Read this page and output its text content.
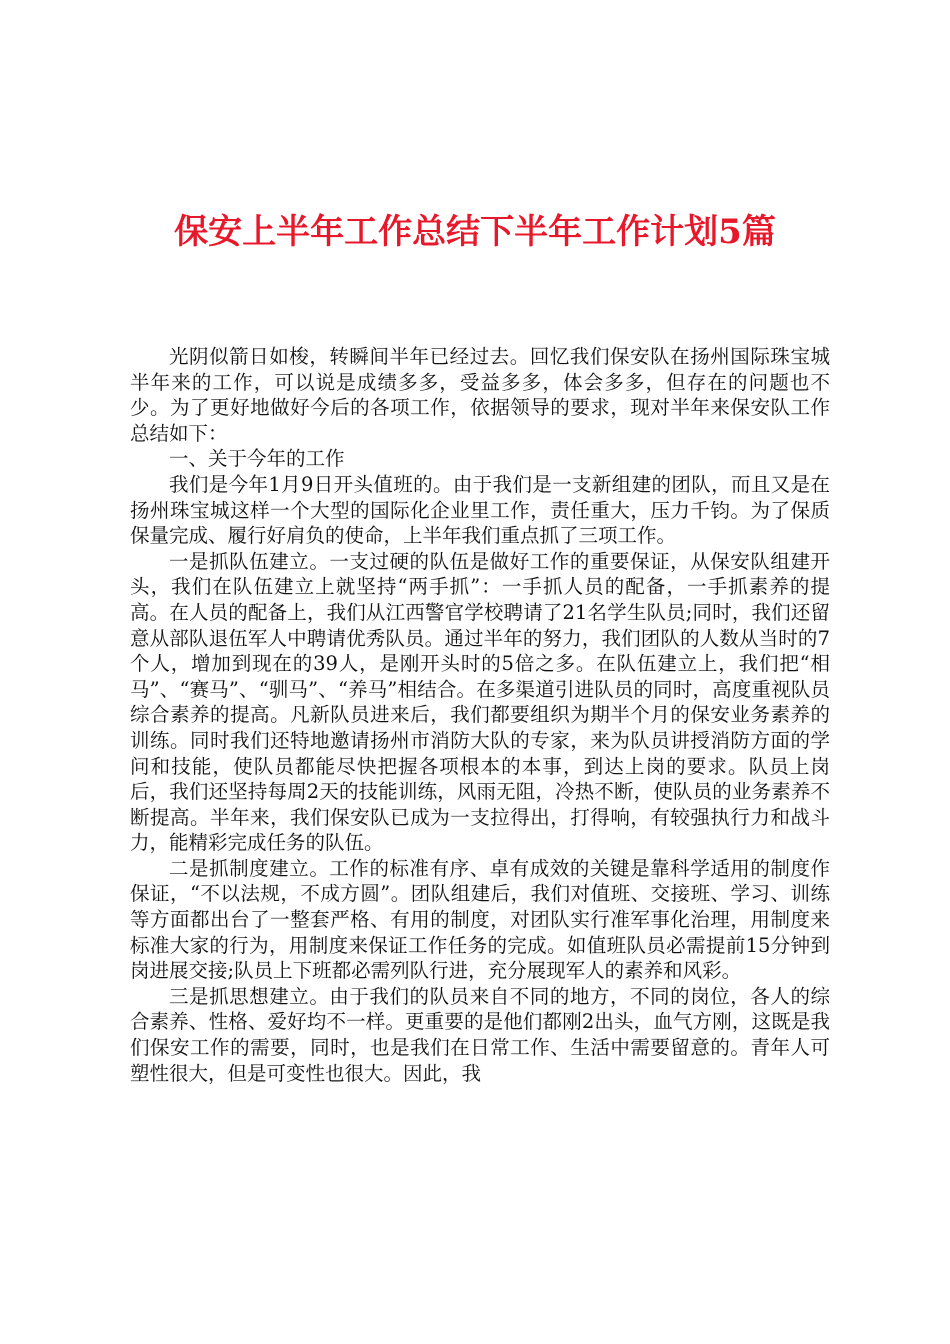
保安上半年工作总结下半年工作计划5篇

光阴似箭日如梭，转瞬间半年已经过去。回忆我们保安队在扬州国际珠宝城半年来的工作，可以说是成绩多多，受益多多，体会多多，但存在的问题也不少。为了更好地做好今后的各项工作，依据领导的要求，现对半年来保安队工作总结如下：

一、关于今年的工作

我们是今年1月9日开头值班的。由于我们是一支新组建的团队，而且又是在扬州珠宝城这样一个大型的国际化企业里工作，责任重大，压力千钧。为了保质保量完成、履行好肩负的使命，上半年我们重点抓了三项工作。

一是抓队伍建立。一支过硬的队伍是做好工作的重要保证，从保安队组建开头，我们在队伍建立上就坚持“两手抓”：一手抓人员的配备，一手抓素养的提高。在人员的配备上，我们从江西警官学校聘请了21名学生队员;同时，我们还留意从部队退伍军人中聘请优秀队员。通过半年的努力，我们团队的人数从当时的7个人，增加到现在的39人，是刚开头时的5倍之多。在队伍建立上，我们把“相马”、“赛马”、“驯马”、“养马”相结合。在多渠道引进队员的同时，高度重视队员综合素养的提高。凡新队员进来后，我们都要组织为期半个月的保安业务素养的训练。同时我们还特地邀请扬州市消防大队的专家，来为队员讲授消防方面的学问和技能，使队员都能尽快把握各项根本的本事，到达上岗的要求。队员上岗后，我们还坚持每周2天的技能训练，风雨无阻，冷热不断，使队员的业务素养不断提高。半年来，我们保安队已成为一支拉得出，打得响，有较强执行力和战斗力，能精彩完成任务的队伍。

二是抓制度建立。工作的标准有序、卓有成效的关键是靠科学适用的制度作保证，“不以法规，不成方圆”。团队组建后，我们对值班、交接班、学习、训练等方面都出台了一整套严格、有用的制度，对团队实行准军事化治理，用制度来标准大家的行为，用制度来保证工作任务的完成。如值班队员必需提前15分钟到岗进展交接;队员上下班都必需列队行进，充分展现军人的素养和风彩。

三是抓思想建立。由于我们的队员来自不同的地方，不同的岗位，各人的综合素养、性格、爱好均不一样。更重要的是他们都刚2出头，血气方刚，这既是我们保安工作的需要，同时，也是我们在日常工作、生活中需要留意的。青年人可塑性很大，但是可变性也很大。因此，我
